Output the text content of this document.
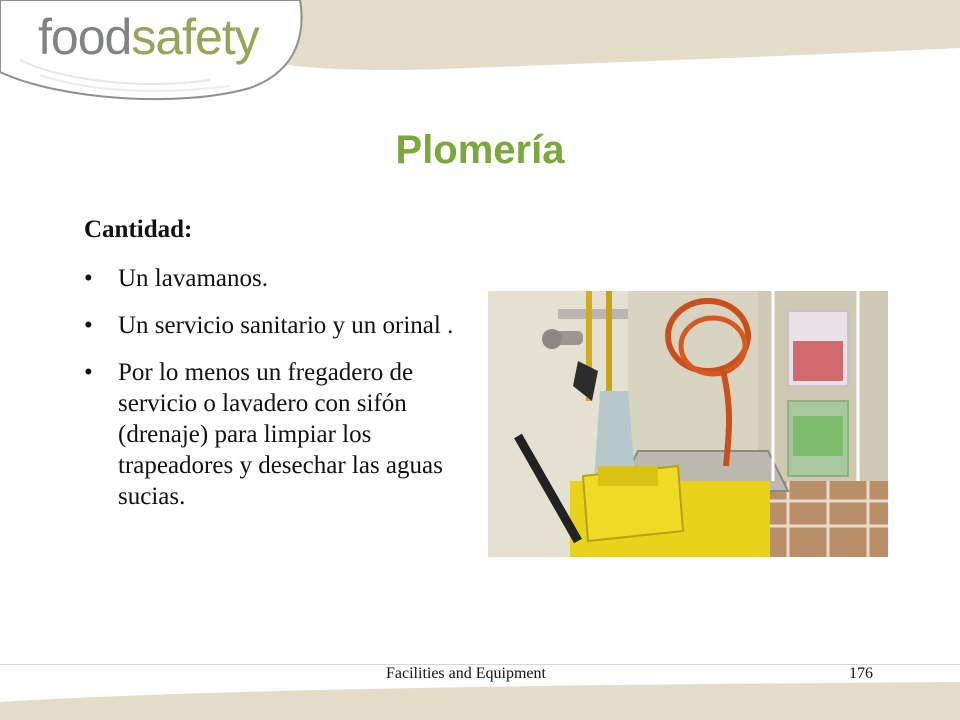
foodsafety
Plomería
Cantidad:
• Un lavamanos.
• Un servicio sanitario y un orinal .
• Por lo menos un fregadero de servicio o lavadero con sifón (drenaje) para limpiar los trapeadores y desechar las aguas sucias.
Facilities and Equipment	176
